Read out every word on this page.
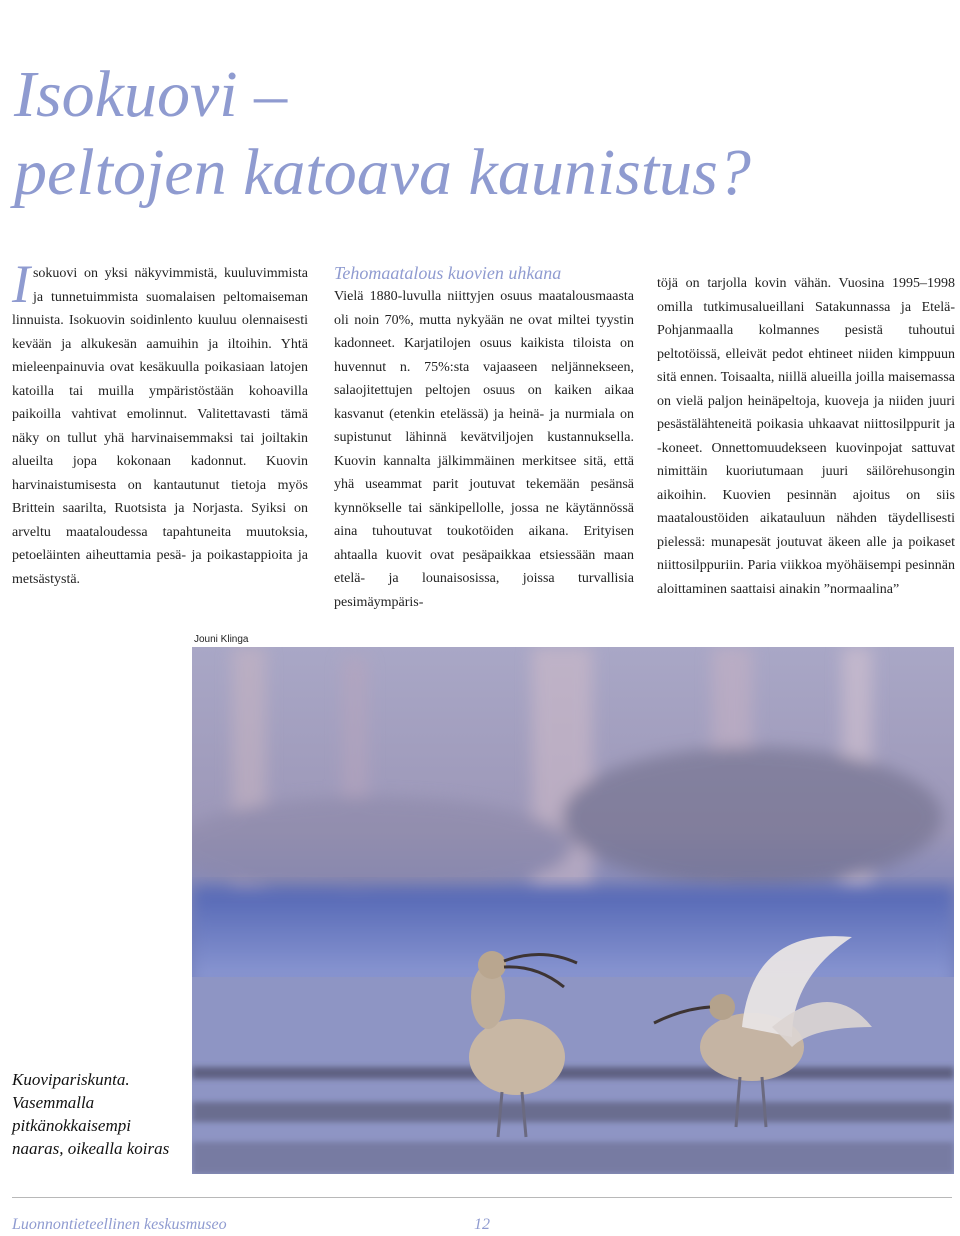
Isokuovi –
peltojen katoava kaunistus?
Isokuovi on yksi näkyvimmistä, kuuluvimmista ja tunnetuimmista suomalaisen peltomaiseman linnuista. Isokuovin soidinlento kuuluu olennaisesti kevään ja alkukesän aamuihin ja iltoihin. Yhtä mieleenpainuvia ovat kesäkuulla poikasiaan latojen katoilla tai muilla ympäristöstään kohoavilla paikoilla vahtivat emolinnut. Valitettavasti tämä näky on tullut yhä harvinaisemmaksi tai joiltakin alueilta jopa kokonaan kadonnut. Kuovin harvinaistumisesta on kantautunut tietoja myös Brittein saarilta, Ruotsista ja Norjasta. Syiksi on arveltu maataloudessa tapahtuneita muutoksia, petoeläinten aiheuttamia pesä- ja poikastappioita ja metsästystä.
Tehomaatalous kuovien uhkana
Vielä 1880-luvulla niittyjen osuus maatalousmaasta oli noin 70%, mutta nykyään ne ovat miltei tyystin kadonneet. Karjatilojen osuus kaikista tiloista on huvennut n. 75%:sta vajaaseen neljännekseen, salaojitettujen peltojen osuus on kaiken aikaa kasvanut (etenkin etelässä) ja heinä- ja nurmiala on supistunut lähinnä kevätviljojen kustannuksella. Kuovin kannalta jälkimmäinen merkitsee sitä, että yhä useammat parit joutuvat tekemään pesänsä kynnökselle tai sänkipellolle, jossa ne käytännössä aina tuhoutuvat toukotöiden aikana. Erityisen ahtaalla kuovit ovat pesäpaikkaa etsiessään maan etelä- ja lounaisosissa, joissa turvallisia pesimäympäris-
töjä on tarjolla kovin vähän. Vuosina 1995–1998 omilla tutkimusalueillani Satakunnassa ja Etelä-Pohjanmaalla kolmannes pesistä tuhoutui peltotöissä, elleivät pedot ehtineet niiden kimppuun sitä ennen. Toisaalta, niillä alueilla joilla maisemassa on vielä paljon heinäpeltoja, kuoveja ja niiden juuri pesästälähteneitä poikasia uhkaavat niittosilppurit ja -koneet. Onnettomuudekseen kuovinpojat sattuvat nimittäin kuoriutumaan juuri säilörehusongin aikoihin. Kuovien pesinnän ajoitus on siis maataloustöiden aikatauluun nähden täydellisesti pielessä: munapesät joutuvat äkeen alle ja poikaset niittosilppuriin. Paria viikkoa myöhäisempi pesinnän aloittaminen saattaisi ainakin ”normaalina”

Jouni Klinga

Kuovipariskunta. Vasemmalla pitkänokkaisempi naaras, oikealla koiras

Luonnontieteellinen keskusmuseo	12
